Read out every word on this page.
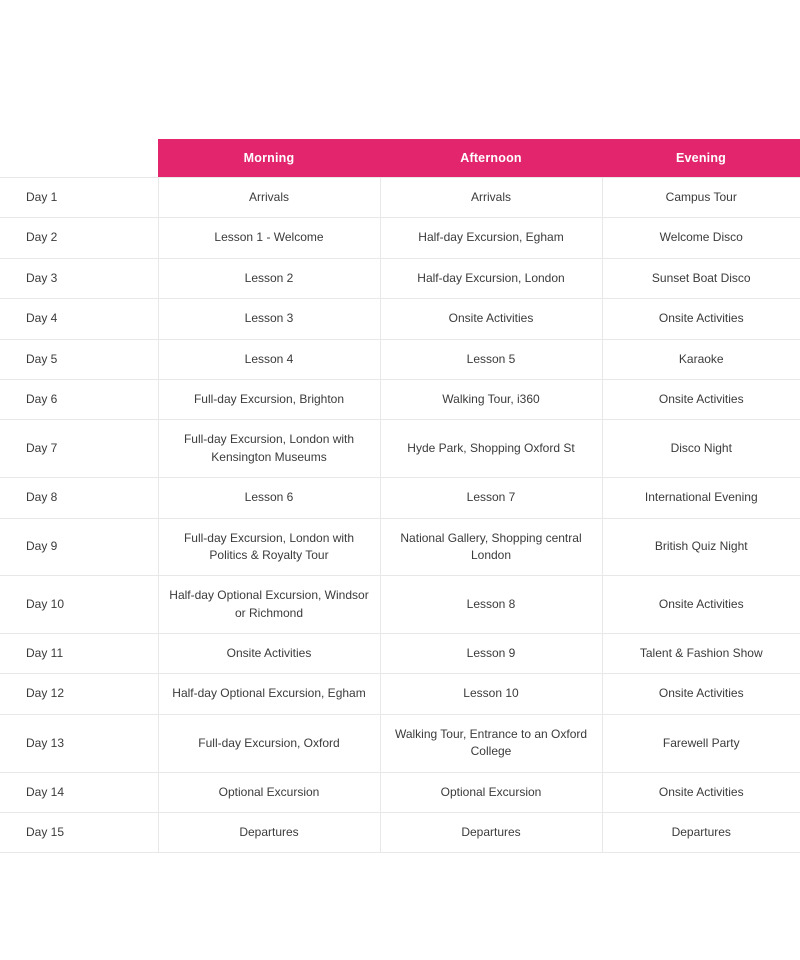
	Morning	Afternoon	Evening
Day 1	Arrivals	Arrivals	Campus Tour
Day 2	Lesson 1 - Welcome	Half-day Excursion, Egham	Welcome Disco
Day 3	Lesson 2	Half-day Excursion, London	Sunset Boat Disco
Day 4	Lesson 3	Onsite Activities	Onsite Activities
Day 5	Lesson 4	Lesson 5	Karaoke
Day 6	Full-day Excursion, Brighton	Walking Tour, i360	Onsite Activities
Day 7	Full-day Excursion, London with Kensington Museums	Hyde Park, Shopping Oxford St	Disco Night
Day 8	Lesson 6	Lesson 7	International Evening
Day 9	Full-day Excursion, London with Politics & Royalty Tour	National Gallery, Shopping central London	British Quiz Night
Day 10	Half-day Optional Excursion, Windsor or Richmond	Lesson 8	Onsite Activities
Day 11	Onsite Activities	Lesson 9	Talent & Fashion Show
Day 12	Half-day Optional Excursion, Egham	Lesson 10	Onsite Activities
Day 13	Full-day Excursion, Oxford	Walking Tour, Entrance to an Oxford College	Farewell Party
Day 14	Optional Excursion	Optional Excursion	Onsite Activities
Day 15	Departures	Departures	Departures
